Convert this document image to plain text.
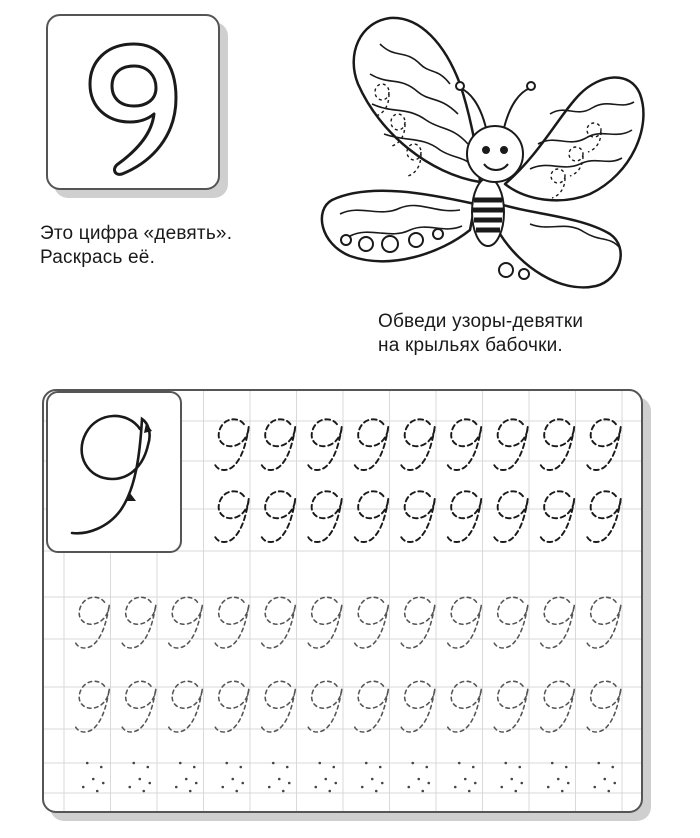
Это цифра «девять».
Раскрась её.
Обведи узоры-девятки
на крыльях бабочки.
